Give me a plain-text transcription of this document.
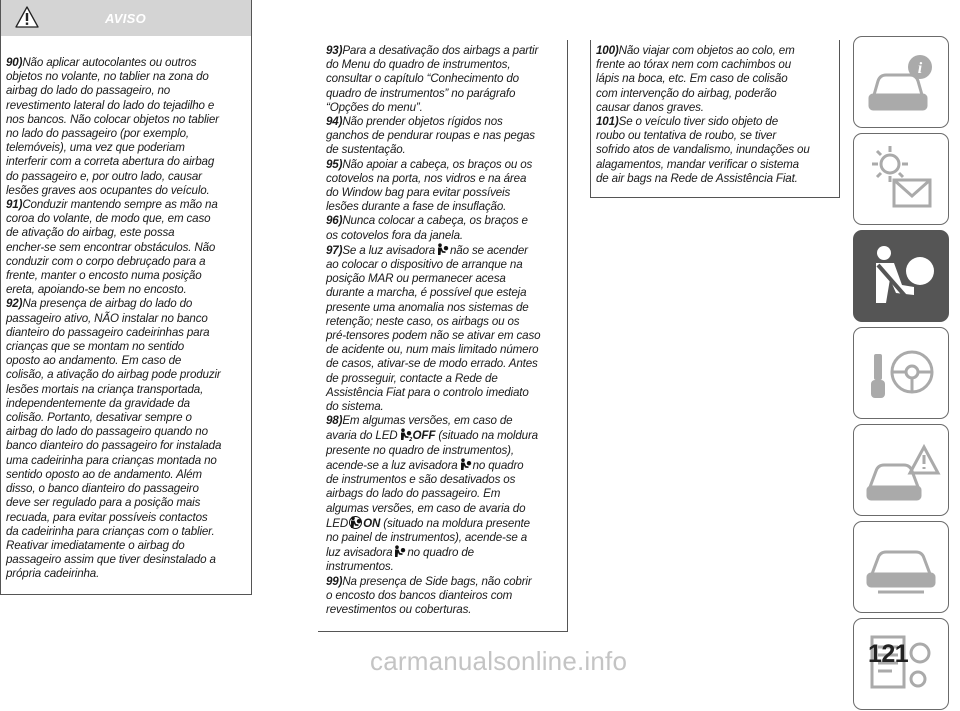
AVISO

90)Não aplicar autocolantes ou outros

objetos no volante, no tablier na zona do

airbag do lado do passageiro, no

revestimento lateral do lado do tejadilho e

nos bancos. Não colocar objetos no tablier

no lado do passageiro (por exemplo,

telemóveis), uma vez que poderiam

interferir com a correta abertura do airbag

do passageiro e, por outro lado, causar

lesões graves aos ocupantes do veículo.

91)Conduzir mantendo sempre as mão na

coroa do volante, de modo que, em caso

de ativação do airbag, este possa

encher-se sem encontrar obstáculos. Não

conduzir com o corpo debruçado para a

frente, manter o encosto numa posição

ereta, apoiando-se bem no encosto.

92)Na presença de airbag do lado do

passageiro ativo, NÃO instalar no banco

dianteiro do passageiro cadeirinhas para

crianças que se montam no sentido

oposto ao andamento. Em caso de

colisão, a ativação do airbag pode produzir

lesões mortais na criança transportada,

independentemente da gravidade da

colisão. Portanto, desativar sempre o

airbag do lado do passageiro quando no

banco dianteiro do passageiro for instalada

uma cadeirinha para crianças montada no

sentido oposto ao de andamento. Além

disso, o banco dianteiro do passageiro

deve ser regulado para a posição mais

recuada, para evitar possíveis contactos

da cadeirinha para crianças com o tablier.

Reativar imediatamente o airbag do

passageiro assim que tiver desinstalado a

própria cadeirinha.

93)Para a desativação dos airbags a partir

do Menu do quadro de instrumentos,

consultar o capítulo “Conhecimento do

quadro de instrumentos” no parágrafo

“Opções do menu”.

94)Não prender objetos rígidos nos

ganchos de pendurar roupas e nas pegas

de sustentação.

95)Não apoiar a cabeça, os braços ou os

cotovelos na porta, nos vidros e na área

do Window bag para evitar possíveis

lesões durante a fase de insuflação.

96)Nunca colocar a cabeça, os braços e

os cotovelos fora da janela.

97)Se a luz avisadora não se acender

ao colocar o dispositivo de arranque na

posição MAR ou permanecer acesa

durante a marcha, é possível que esteja

presente uma anomalia nos sistemas de

retenção; neste caso, os airbags ou os

pré-tensores podem não se ativar em caso

de acidente ou, num mais limitado número

de casos, ativar-se de modo errado. Antes

de prosseguir, contacte a Rede de

Assistência Fiat para o controlo imediato

do sistema.

98)Em algumas versões, em caso de

avaria do LED 2 OFF (situado na moldura

presente no quadro de instrumentos),

acende-se a luz avisadora no quadro

de instrumentos e são desativados os

airbags do lado do passageiro. Em

algumas versões, em caso de avaria do

LED ON (situado na moldura presente

no painel de instrumentos), acende-se a

luz avisadora no quadro de

instrumentos.

99)Na presença de Side bags, não cobrir

o encosto dos bancos dianteiros com

revestimentos ou coberturas.

100)Não viajar com objetos ao colo, em

frente ao tórax nem com cachimbos ou

lápis na boca, etc. Em caso de colisão

com intervenção do airbag, poderão

causar danos graves.

101)Se o veículo tiver sido objeto de

roubo ou tentativa de roubo, se tiver

sofrido atos de vandalismo, inundações ou

alagamentos, mandar verificar o sistema

de air bags na Rede de Assistência Fiat.

i
121
carmanualsonline.info
